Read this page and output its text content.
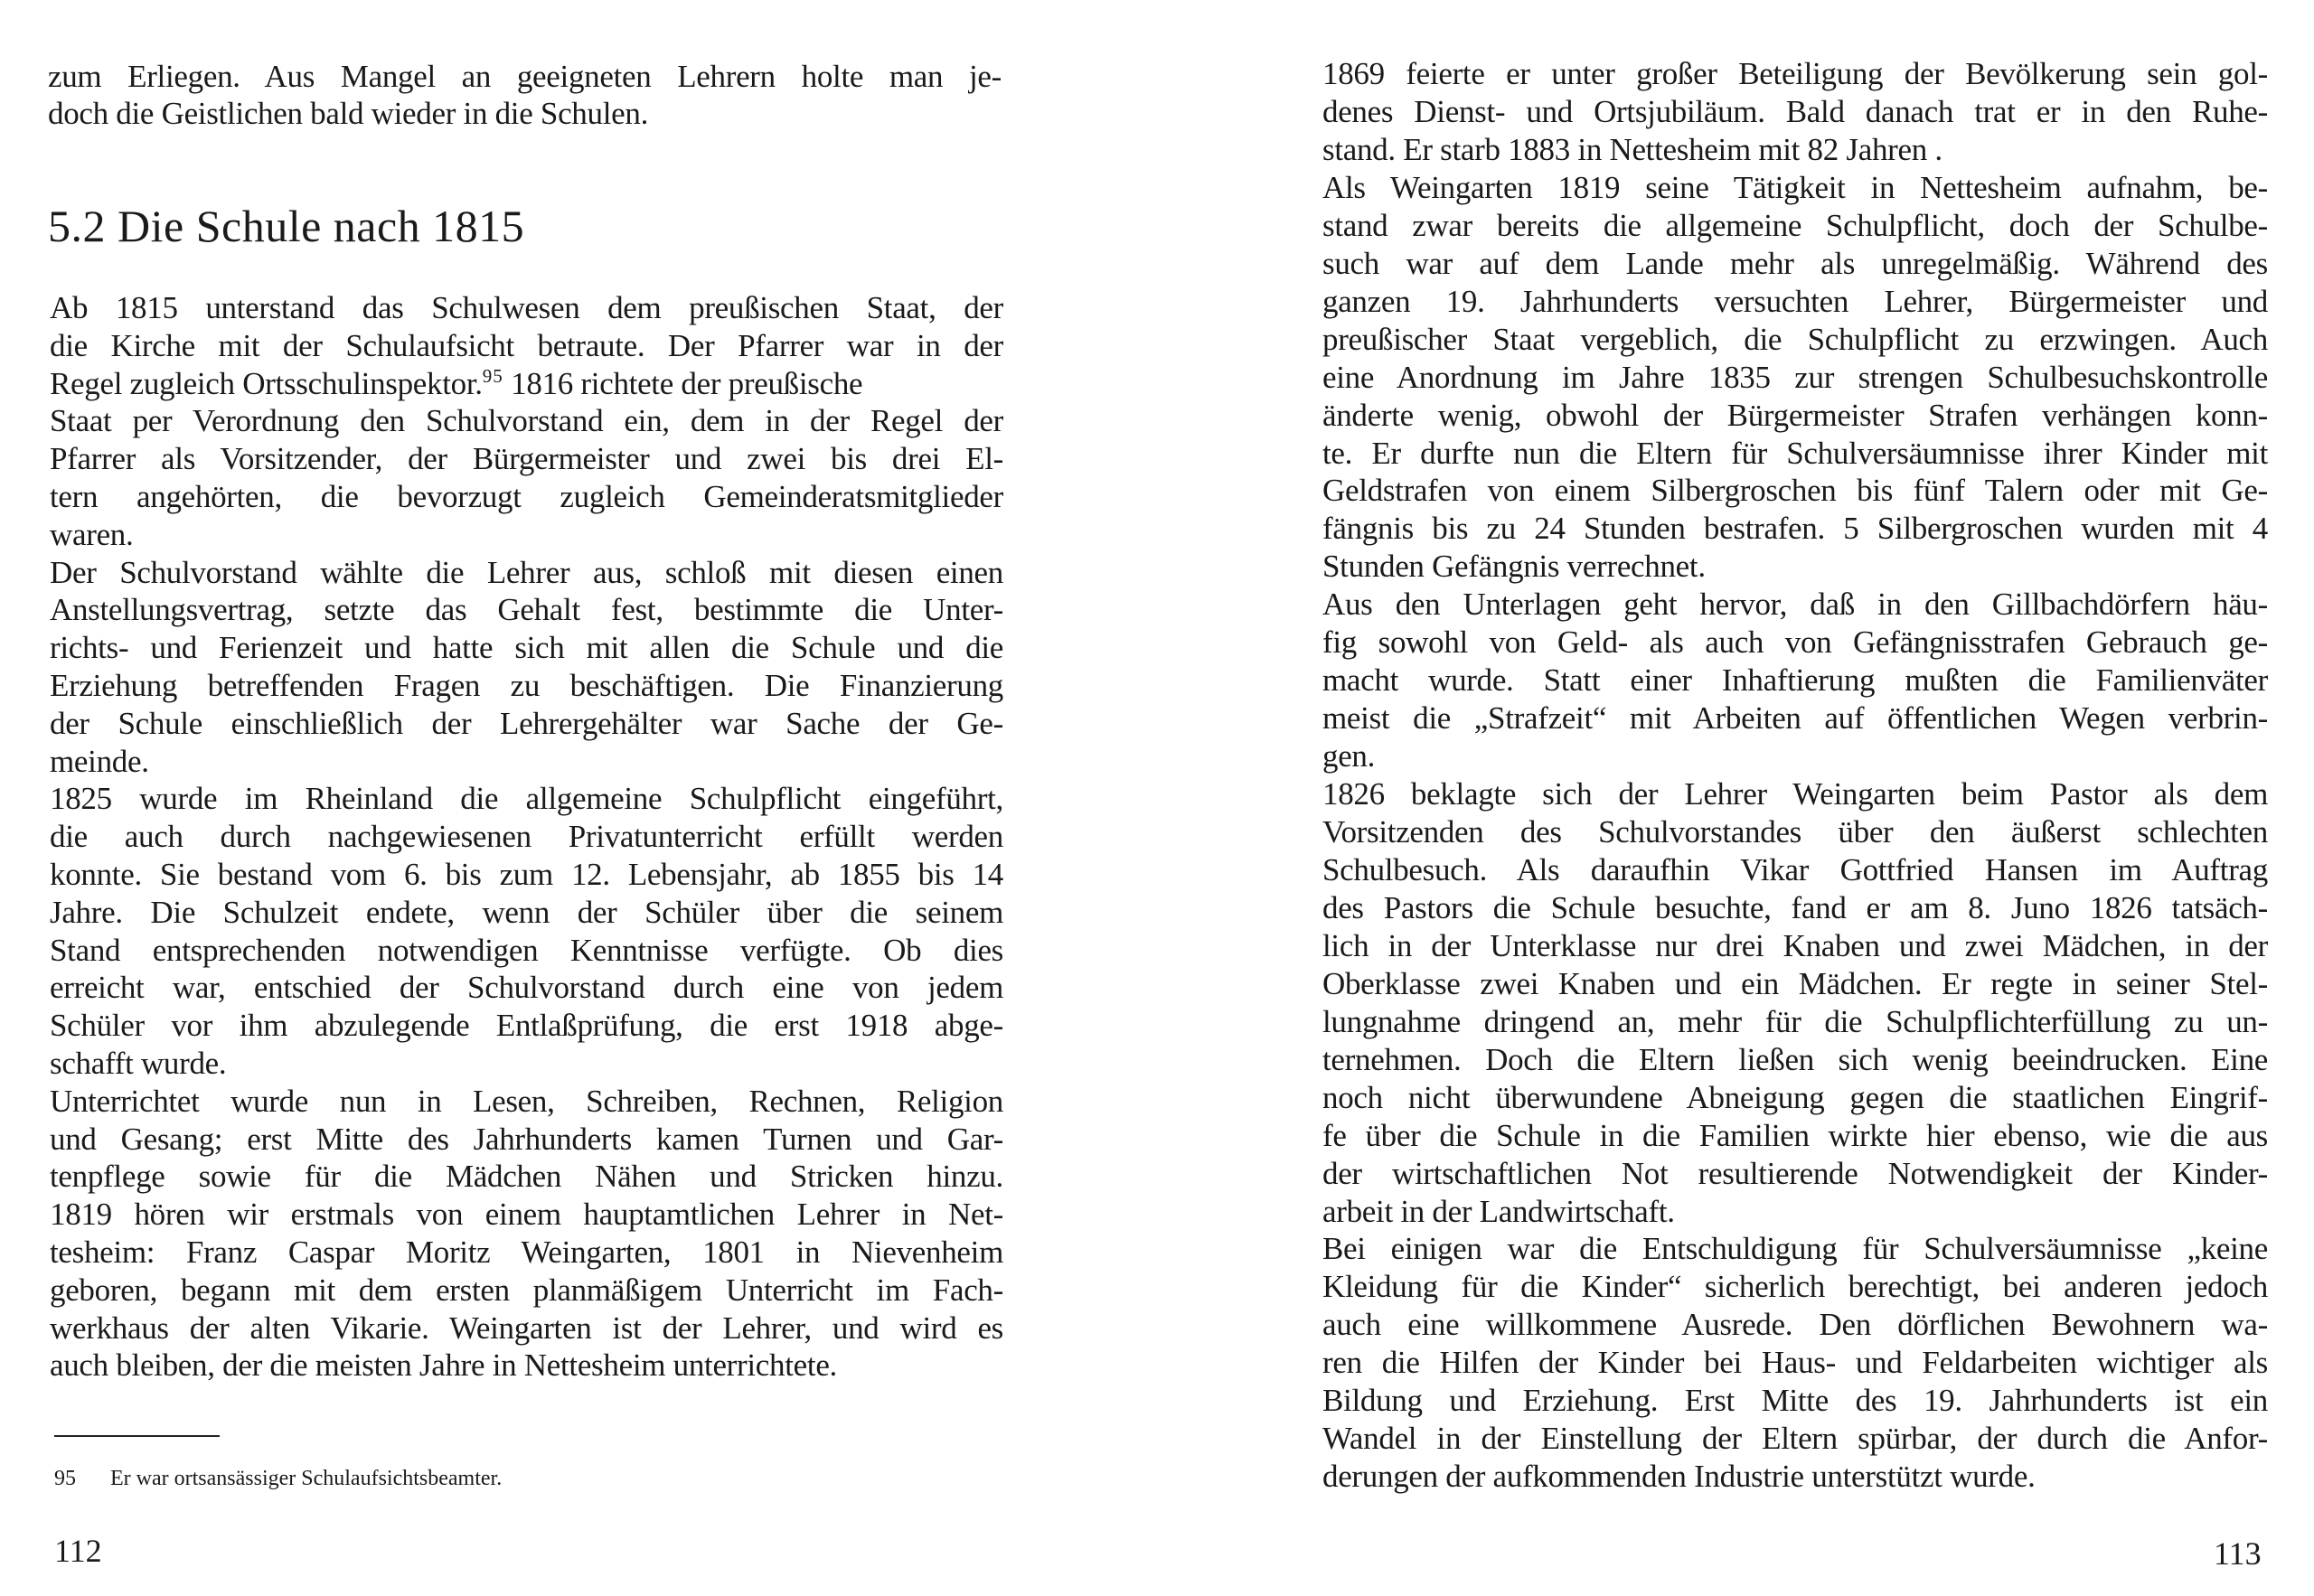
zum Erliegen. Aus Mangel an geeigneten Lehrern holte man je-
doch die Geistlichen bald wieder in die Schulen.
5.2 Die Schule nach 1815
Ab 1815 unterstand das Schulwesen dem preußischen Staat, der
die Kirche mit der Schulaufsicht betraute. Der Pfarrer war in der
Regel zugleich Ortsschulinspektor.$^{95}$ 1816 richtete der preußische
Staat per Verordnung den Schulvorstand ein, dem in der Regel der
Pfarrer als Vorsitzender, der Bürgermeister und zwei bis drei El-
tern angehörten, die bevorzugt zugleich Gemeinderatsmitglieder
waren.
Der Schulvorstand wählte die Lehrer aus, schloß mit diesen einen
Anstellungsvertrag, setzte das Gehalt fest, bestimmte die Unter-
richts- und Ferienzeit und hatte sich mit allen die Schule und die
Erziehung betreffenden Fragen zu beschäftigen. Die Finanzierung
der Schule einschließlich der Lehrergehälter war Sache der Ge-
meinde.
1825 wurde im Rheinland die allgemeine Schulpflicht eingeführt,
die auch durch nachgewiesenen Privatunterricht erfüllt werden
konnte. Sie bestand vom 6. bis zum 12. Lebensjahr, ab 1855 bis 14
Jahre. Die Schulzeit endete, wenn der Schüler über die seinem
Stand entsprechenden notwendigen Kenntnisse verfügte. Ob dies
erreicht war, entschied der Schulvorstand durch eine von jedem
Schüler vor ihm abzulegende Entlaßprüfung, die erst 1918 abge-
schafft wurde.
Unterrichtet wurde nun in Lesen, Schreiben, Rechnen, Religion
und Gesang; erst Mitte des Jahrhunderts kamen Turnen und Gar-
tenpflege sowie für die Mädchen Nähen und Stricken hinzu.
1819 hören wir erstmals von einem hauptamtlichen Lehrer in Net-
tesheim: Franz Caspar Moritz Weingarten, 1801 in Nievenheim
geboren, begann mit dem ersten planmäßigem Unterricht im Fach-
werkhaus der alten Vikarie. Weingarten ist der Lehrer, und wird es
auch bleiben, der die meisten Jahre in Nettesheim unterrichtete.
95 Er war ortsansässiger Schulaufsichtsbeamter.
112
1869 feierte er unter großer Beteiligung der Bevölkerung sein gol-
denes Dienst- und Ortsjubiläum. Bald danach trat er in den Ruhe-
stand. Er starb 1883 in Nettesheim mit 82 Jahren .
Als Weingarten 1819 seine Tätigkeit in Nettesheim aufnahm, be-
stand zwar bereits die allgemeine Schulpflicht, doch der Schulbe-
such war auf dem Lande mehr als unregelmäßig. Während des
ganzen 19. Jahrhunderts versuchten Lehrer, Bürgermeister und
preußischer Staat vergeblich, die Schulpflicht zu erzwingen. Auch
eine Anordnung im Jahre 1835 zur strengen Schulbesuchskontrolle
änderte wenig, obwohl der Bürgermeister Strafen verhängen konn-
te. Er durfte nun die Eltern für Schulversäumnisse ihrer Kinder mit
Geldstrafen von einem Silbergroschen bis fünf Talern oder mit Ge-
fängnis bis zu 24 Stunden bestrafen. 5 Silbergroschen wurden mit 4
Stunden Gefängnis verrechnet.
Aus den Unterlagen geht hervor, daß in den Gillbachdörfern häu-
fig sowohl von Geld- als auch von Gefängnisstrafen Gebrauch ge-
macht wurde. Statt einer Inhaftierung mußten die Familienväter
meist die „Strafzeit“ mit Arbeiten auf öffentlichen Wegen verbrin-
gen.
1826 beklagte sich der Lehrer Weingarten beim Pastor als dem
Vorsitzenden des Schulvorstandes über den äußerst schlechten
Schulbesuch. Als daraufhin Vikar Gottfried Hansen im Auftrag
des Pastors die Schule besuchte, fand er am 8. Juno 1826 tatsäch-
lich in der Unterklasse nur drei Knaben und zwei Mädchen, in der
Oberklasse zwei Knaben und ein Mädchen. Er regte in seiner Stel-
lungnahme dringend an, mehr für die Schulpflichterfüllung zu un-
ternehmen. Doch die Eltern ließen sich wenig beeindrucken. Eine
noch nicht überwundene Abneigung gegen die staatlichen Eingrif-
fe über die Schule in die Familien wirkte hier ebenso, wie die aus
der wirtschaftlichen Not resultierende Notwendigkeit der Kinder-
arbeit in der Landwirtschaft.
Bei einigen war die Entschuldigung für Schulversäumnisse „keine
Kleidung für die Kinder“ sicherlich berechtigt, bei anderen jedoch
auch eine willkommene Ausrede. Den dörflichen Bewohnern wa-
ren die Hilfen der Kinder bei Haus- und Feldarbeiten wichtiger als
Bildung und Erziehung. Erst Mitte des 19. Jahrhunderts ist ein
Wandel in der Einstellung der Eltern spürbar, der durch die Anfor-
derungen der aufkommenden Industrie unterstützt wurde.
113
